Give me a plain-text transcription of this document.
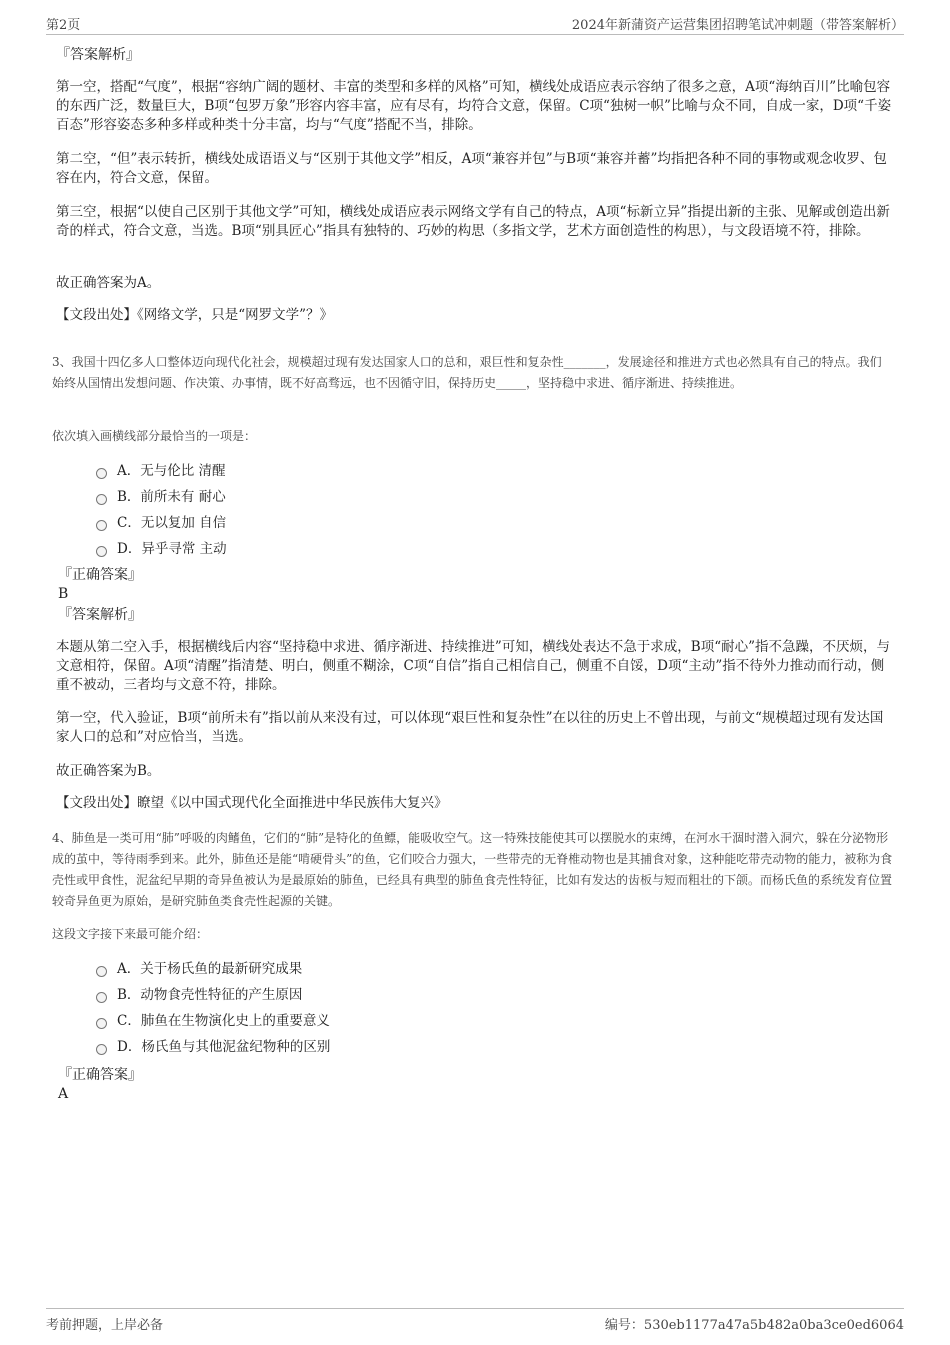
第2页	2024年新蒲资产运营集团招聘笔试冲刺题（带答案解析）

『答案解析』

第一空，搭配“气度”，根据“容纳广阔的题材、丰富的类型和多样的风格”可知，横线处成语应表示容纳了很多之意，A项“海纳百川”比喻包容的东西广泛，数量巨大，B项“包罗万象”形容内容丰富，应有尽有，均符合文意，保留。C项“独树一帜”比喻与众不同，自成一家，D项“千姿百态”形容姿态多种多样或种类十分丰富，均与“气度”搭配不当，排除。

第二空，“但”表示转折，横线处成语语义与“区别于其他文学”相反，A项“兼容并包”与B项“兼容并蓄”均指把各种不同的事物或观念收罗、包容在内，符合文意，保留。

第三空，根据“以使自己区别于其他文学”可知，横线处成语应表示网络文学有自己的特点，A项“标新立异”指提出新的主张、见解或创造出新奇的样式，符合文意，当选。B项“别具匠心”指具有独特的、巧妙的构思（多指文学，艺术方面创造性的构思），与文段语境不符，排除。

故正确答案为A。

【文段出处】《网络文学，只是“网罗文学”？》

3、我国十四亿多人口整体迈向现代化社会，规模超过现有发达国家人口的总和，艰巨性和复杂性_______，发展途径和推进方式也必然具有自己的特点。我们始终从国情出发想问题、作决策、办事情，既不好高骛远，也不因循守旧，保持历史_____，坚持稳中求进、循序渐进、持续推进。

依次填入画横线部分最恰当的一项是：

A． 无与伦比 清醒
B． 前所未有 耐心
C． 无以复加 自信
D． 异乎寻常 主动

『正确答案』

B

『答案解析』

本题从第二空入手，根据横线后内容“坚持稳中求进、循序渐进、持续推进”可知，横线处表达不急于求成，B项“耐心”指不急躁，不厌烦，与文意相符，保留。A项“清醒”指清楚、明白，侧重不糊涂，C项“自信”指自己相信自己，侧重不自馁，D项“主动”指不待外力推动而行动，侧重不被动，三者均与文意不符，排除。

第一空，代入验证，B项“前所未有”指以前从来没有过，可以体现“艰巨性和复杂性”在以往的历史上不曾出现，与前文“规模超过现有发达国家人口的总和”对应恰当，当选。

故正确答案为B。

【文段出处】瞭望《以中国式现代化全面推进中华民族伟大复兴》

4、肺鱼是一类可用“肺”呼吸的肉鳍鱼，它们的“肺”是特化的鱼鳔，能吸收空气。这一特殊技能使其可以摆脱水的束缚，在河水干涸时潜入洞穴，躲在分泌物形成的茧中，等待雨季到来。此外，肺鱼还是能“啃硬骨头”的鱼，它们咬合力强大，一些带壳的无脊椎动物也是其捕食对象，这种能吃带壳动物的能力，被称为食壳性或甲食性，泥盆纪早期的奇异鱼被认为是最原始的肺鱼，已经具有典型的肺鱼食壳性特征，比如有发达的齿板与短而粗壮的下颌。而杨氏鱼的系统发育位置较奇异鱼更为原始，是研究肺鱼类食壳性起源的关键。

这段文字接下来最可能介绍：

A． 关于杨氏鱼的最新研究成果
B． 动物食壳性特征的产生原因
C． 肺鱼在生物演化史上的重要意义
D． 杨氏鱼与其他泥盆纪物种的区别

『正确答案』

A

考前押题，上岸必备	编号：530eb1177a47a5b482a0ba3ce0ed6064
